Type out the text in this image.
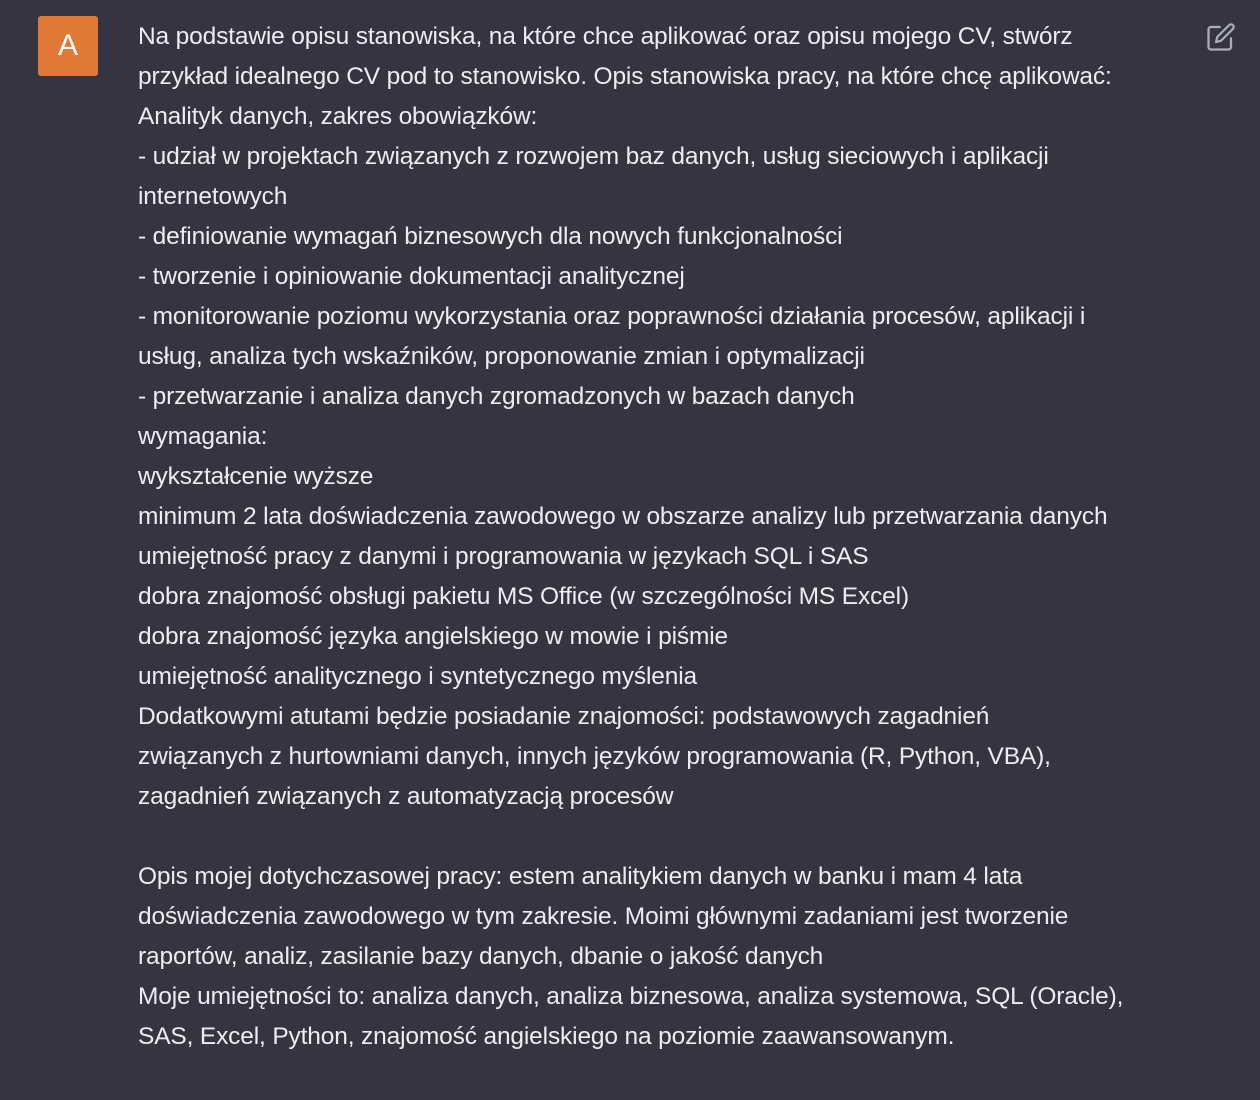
A Na podstawie opisu stanowiska, na które chce aplikować oraz opisu mojego CV, stwórz
przykład idealnego CV pod to stanowisko. Opis stanowiska pracy, na które chcę aplikować:
Analityk danych, zakres obowiązków:
- udział w projektach związanych z rozwojem baz danych, usług sieciowych i aplikacji
internetowych
- definiowanie wymagań biznesowych dla nowych funkcjonalności
- tworzenie i opiniowanie dokumentacji analitycznej
- monitorowanie poziomu wykorzystania oraz poprawności działania procesów, aplikacji i
usług, analiza tych wskaźników, proponowanie zmian i optymalizacji
- przetwarzanie i analiza danych zgromadzonych w bazach danych
wymagania:
wykształcenie wyższe
minimum 2 lata doświadczenia zawodowego w obszarze analizy lub przetwarzania danych
umiejętność pracy z danymi i programowania w językach SQL i SAS
dobra znajomość obsługi pakietu MS Office (w szczególności MS Excel)
dobra znajomość języka angielskiego w mowie i piśmie
umiejętność analitycznego i syntetycznego myślenia
Dodatkowymi atutami będzie posiadanie znajomości: podstawowych zagadnień
związanych z hurtowniami danych, innych języków programowania (R, Python, VBA),
zagadnień związanych z automatyzacją procesów
Opis mojej dotychczasowej pracy: estem analitykiem danych w banku i mam 4 lata
doświadczenia zawodowego w tym zakresie. Moimi głównymi zadaniami jest tworzenie
raportów, analiz, zasilanie bazy danych, dbanie o jakość danych
Moje umiejętności to: analiza danych, analiza biznesowa, analiza systemowa, SQL (Oracle),
SAS, Excel, Python, znajomość angielskiego na poziomie zaawansowanym.
